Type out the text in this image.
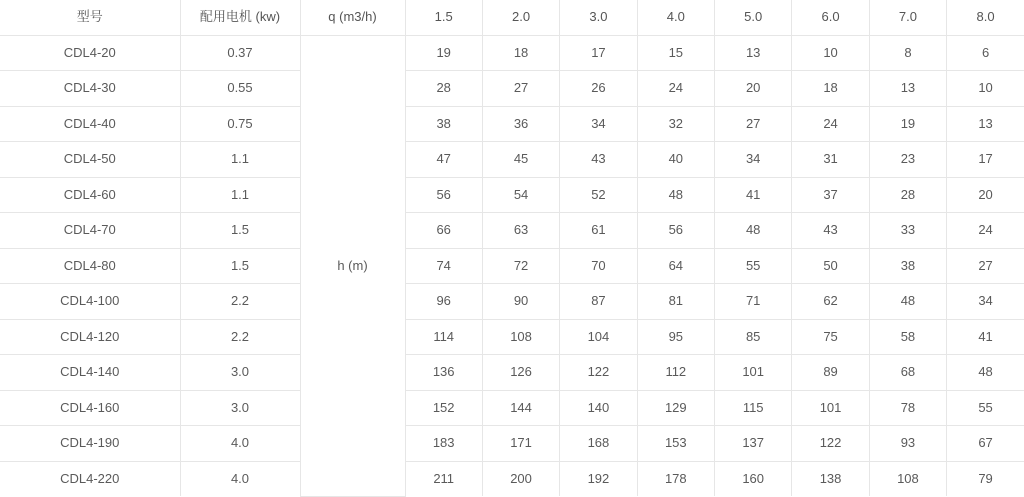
型号	配用电机 (kw)	q (m3/h)	1.5	2.0	3.0	4.0	5.0	6.0	7.0	8.0
CDL4-20	0.37	h (m)	19	18	17	15	13	10	8	6
CDL4-30	0.55		28	27	26	24	20	18	13	10
CDL4-40	0.75		38	36	34	32	27	24	19	13
CDL4-50	1.1		47	45	43	40	34	31	23	17
CDL4-60	1.1		56	54	52	48	41	37	28	20
CDL4-70	1.5		66	63	61	56	48	43	33	24
CDL4-80	1.5		74	72	70	64	55	50	38	27
CDL4-100	2.2		96	90	87	81	71	62	48	34
CDL4-120	2.2		114	108	104	95	85	75	58	41
CDL4-140	3.0		136	126	122	112	101	89	68	48
CDL4-160	3.0		152	144	140	129	115	101	78	55
CDL4-190	4.0		183	171	168	153	137	122	93	67
CDL4-220	4.0		211	200	192	178	160	138	108	79
